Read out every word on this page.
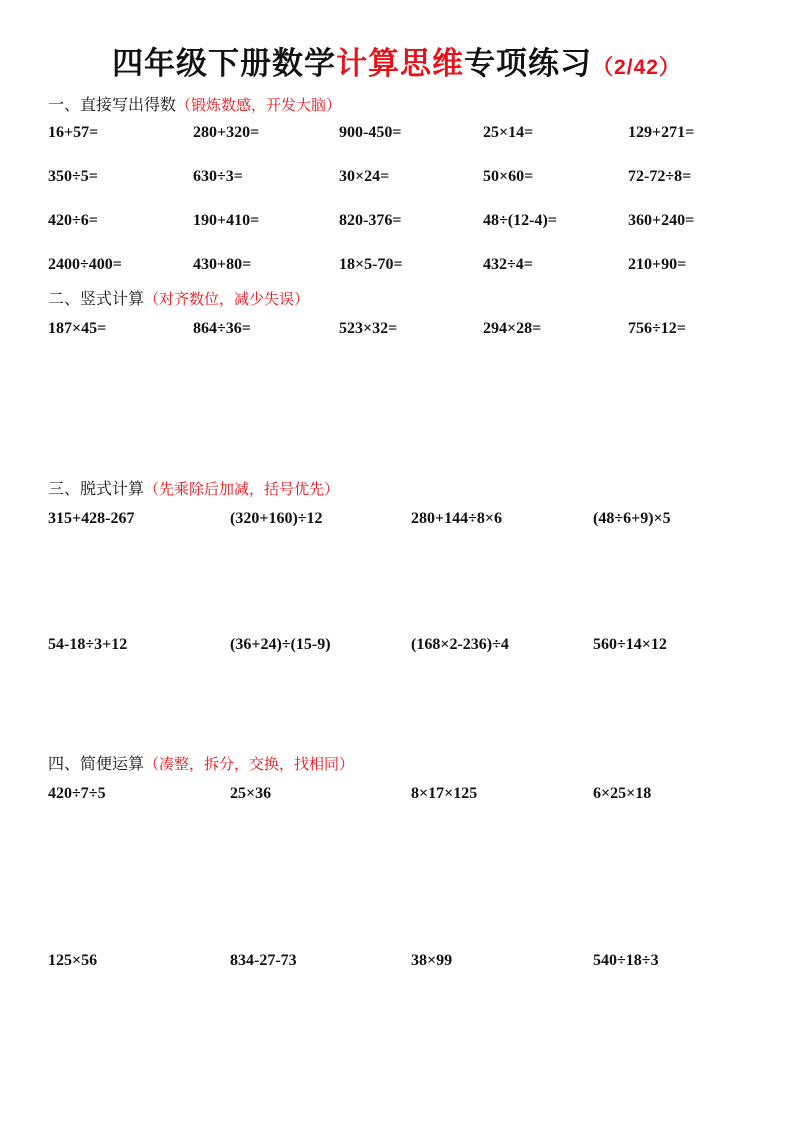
四年级下册数学计算思维专项练习（2/42）
一、直接写出得数（锻炼数感，开发大脑）
16+57=	280+320=	900-450=	25×14=	129+271=
350÷5=	630÷3=	30×24=	50×60=	72-72÷8=
420÷6=	190+410=	820-376=	48÷(12-4)=	360+240=
2400÷400=	430+80=	18×5-70=	432÷4=	210+90=
二、竖式计算（对齐数位，减少失误）
187×45=	864÷36=	523×32=	294×28=	756÷12=
三、脱式计算（先乘除后加减，括号优先）
315+428-267	(320+160)÷12	280+144÷8×6	(48÷6+9)×5
54-18÷3+12	(36+24)÷(15-9)	(168×2-236)÷4	560÷14×12
四、简便运算（凑整，拆分，交换，找相同）
420÷7÷5	25×36	8×17×125	6×25×18
125×56	834-27-73	38×99	540÷18÷3
